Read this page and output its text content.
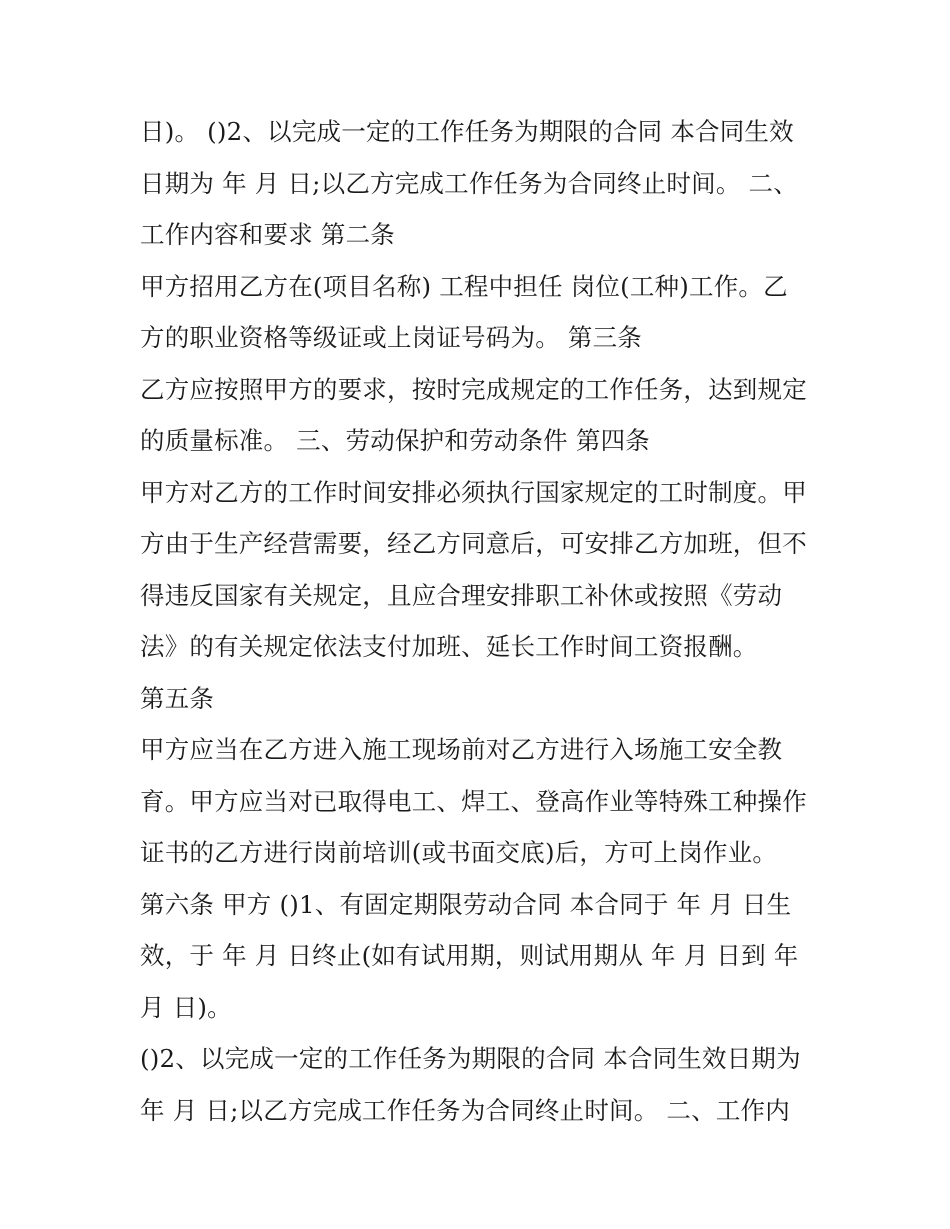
日)。 ()2、以完成一定的工作任务为期限的合同 本合同生效
日期为 年 月 日;以乙方完成工作任务为合同终止时间。 二、
工作内容和要求 第二条
甲方招用乙方在(项目名称) 工程中担任 岗位(工种)工作。乙
方的职业资格等级证或上岗证号码为。 第三条
乙方应按照甲方的要求，按时完成规定的工作任务，达到规定
的质量标准。 三、劳动保护和劳动条件 第四条
甲方对乙方的工作时间安排必须执行国家规定的工时制度。甲
方由于生产经营需要，经乙方同意后，可安排乙方加班，但不
得违反国家有关规定，且应合理安排职工补休或按照《劳动
法》的有关规定依法支付加班、延长工作时间工资报酬。
第五条
甲方应当在乙方进入施工现场前对乙方进行入场施工安全教
育。甲方应当对已取得电工、焊工、登高作业等特殊工种操作
证书的乙方进行岗前培训(或书面交底)后，方可上岗作业。
第六条 甲方 ()1、有固定期限劳动合同 本合同于 年 月 日生
效，于 年 月 日终止(如有试用期，则试用期从 年 月 日到 年
月 日)。
()2、以完成一定的工作任务为期限的合同 本合同生效日期为
年 月 日;以乙方完成工作任务为合同终止时间。 二、工作内
